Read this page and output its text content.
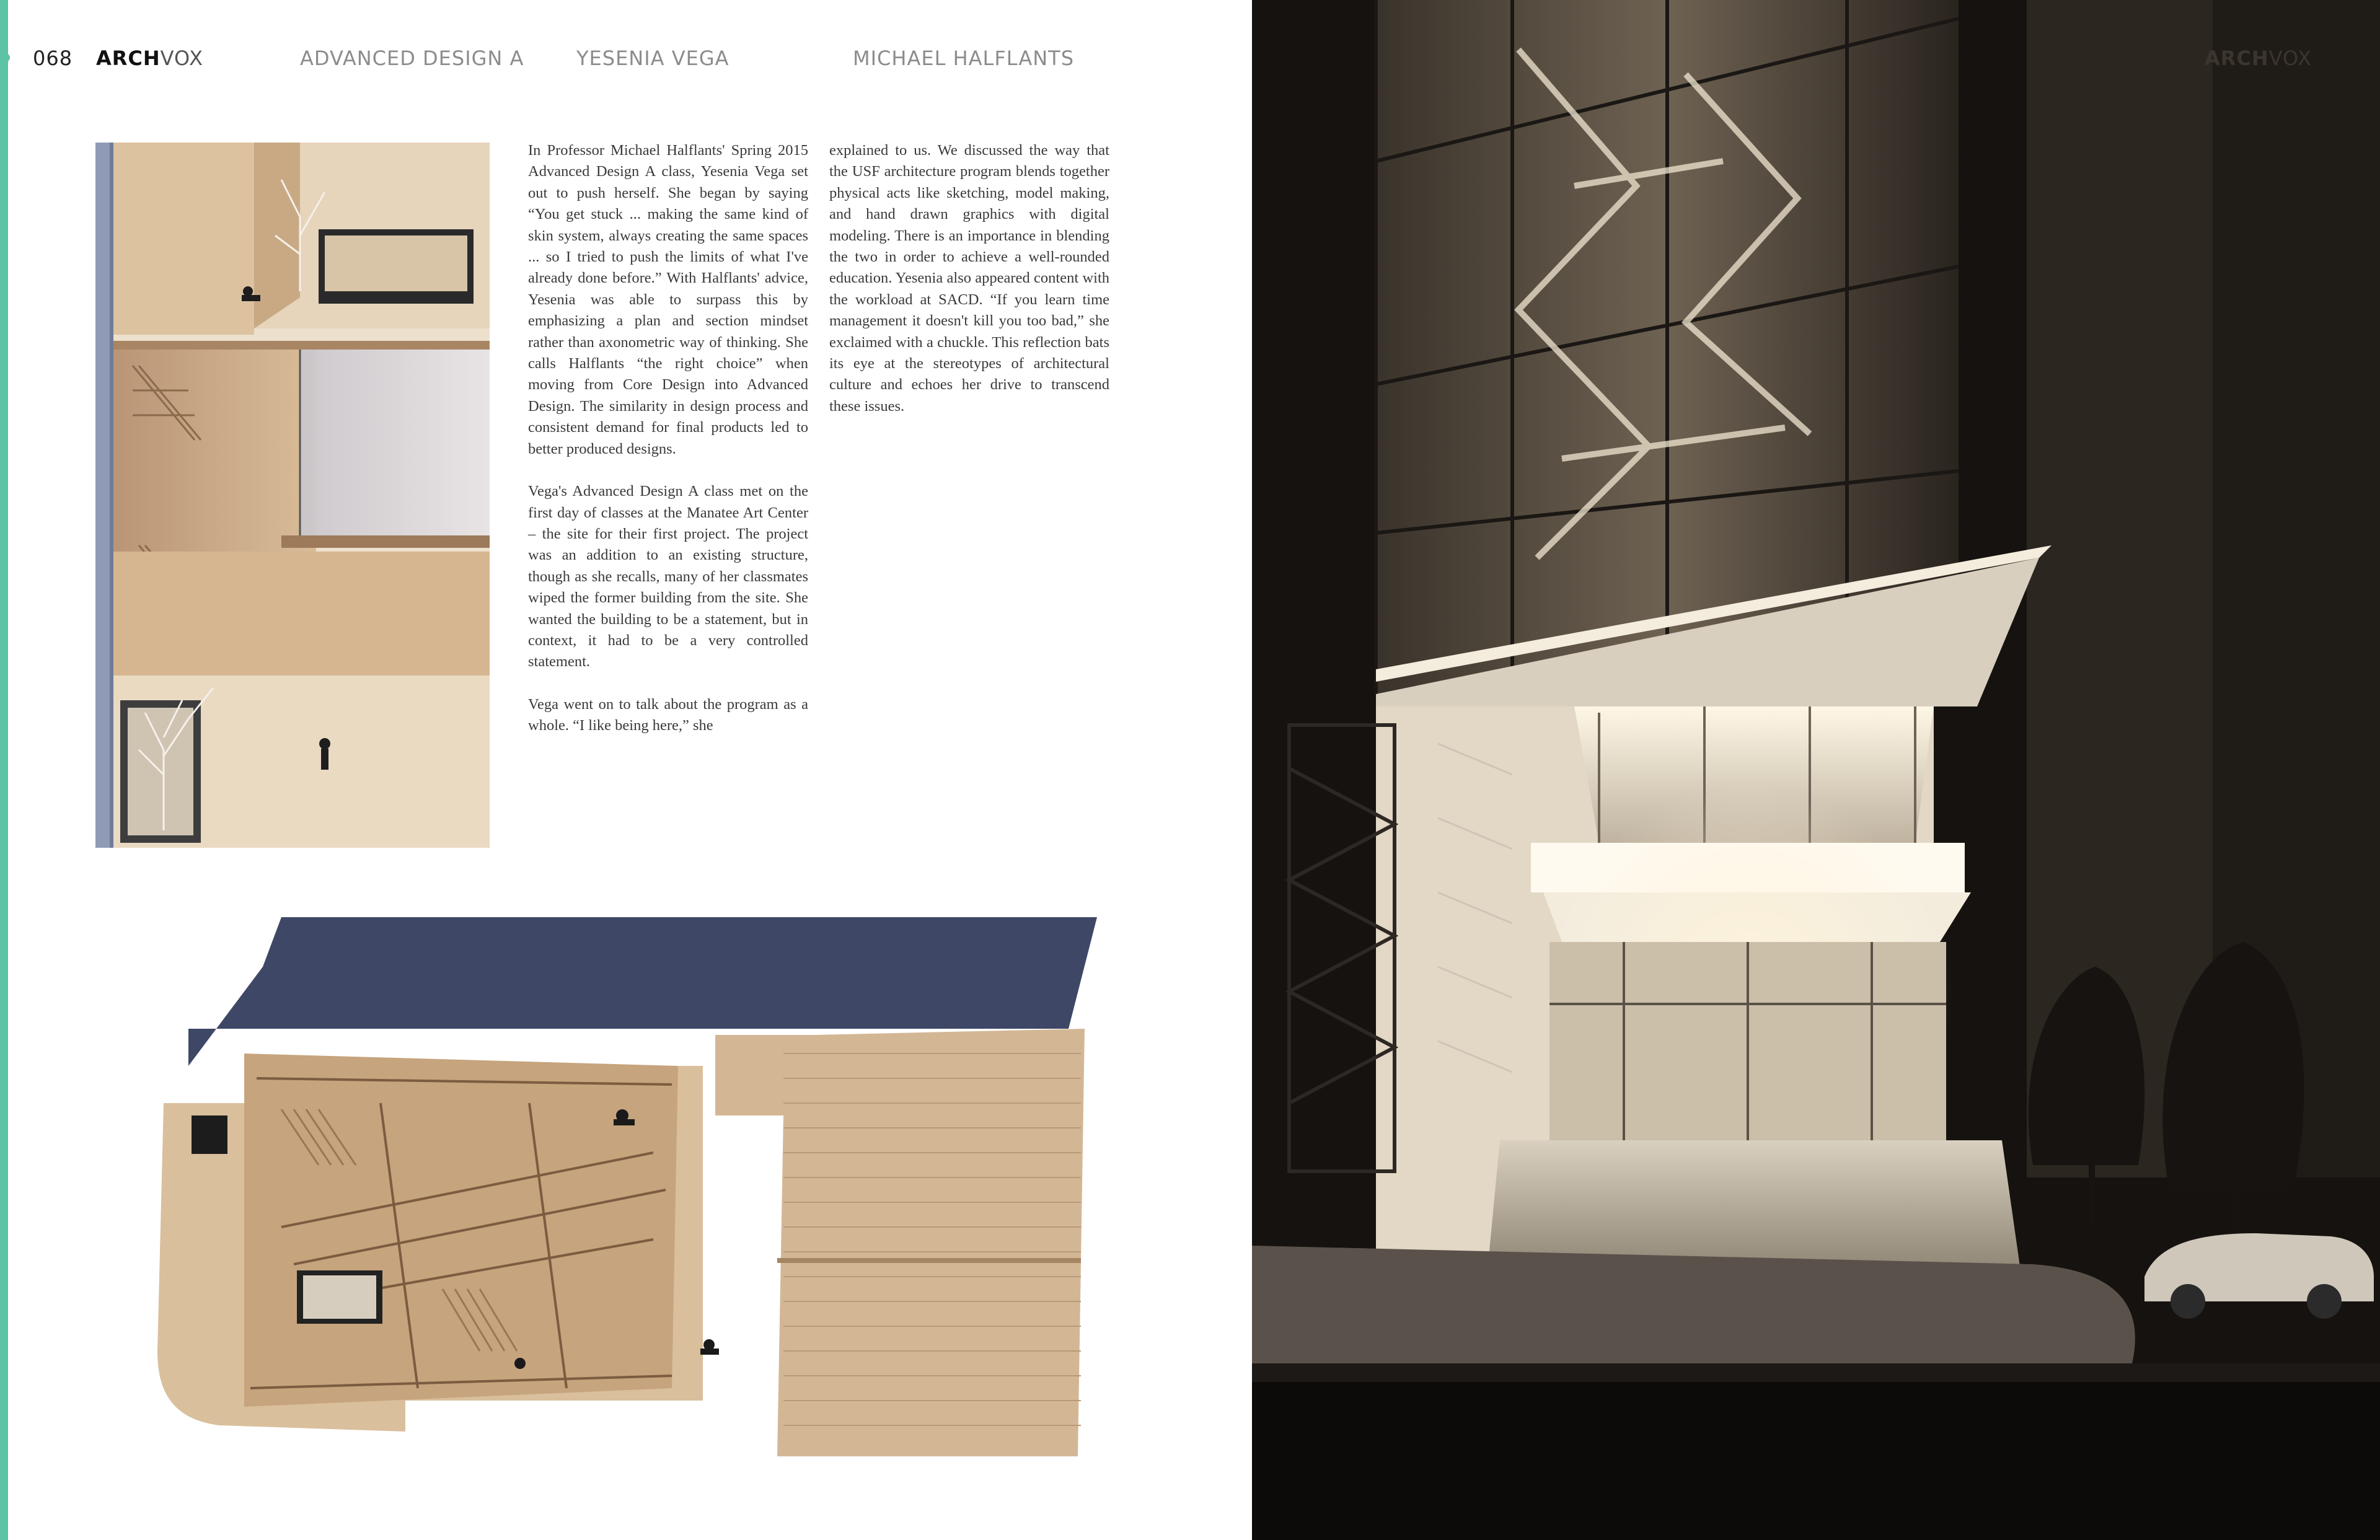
068 ARCHVOX	ADVANCED DESIGN A	YESENIA VEGA	MICHAEL HALFLANTS

In Professor Michael Halflants' Spring 2015 Advanced Design A class, Yesenia Vega set out to push herself. She began by saying “You get stuck ... making the same kind of skin system, always creating the same spaces ... so I tried to push the limits of what I've already done before.” With Halflants' advice, Yesenia was able to surpass this by emphasizing a plan and section mindset rather than axonometric way of thinking. She calls Halflants “the right choice” when moving from Core Design into Advanced Design. The similarity in design process and consistent demand for final products led to better produced designs.

Vega's Advanced Design A class met on the first day of classes at the Manatee Art Center – the site for their first project. The project was an addition to an existing structure, though as she recalls, many of her classmates wiped the former building from the site. She wanted the building to be a statement, but in context, it had to be a very controlled statement.

Vega went on to talk about the program as a whole. “I like being here,” she

explained to us. We discussed the way that the USF architecture program blends together physical acts like sketching, model making, and hand drawn graphics with digital modeling. There is an importance in blending the two in order to achieve a well-rounded education. Yesenia also appeared content with the workload at SACD. “If you learn time management it doesn't kill you too bad,” she exclaimed with a chuckle. This reflection bats its eye at the stereotypes of architectural culture and echoes her drive to transcend these issues.

ARCHVOX
